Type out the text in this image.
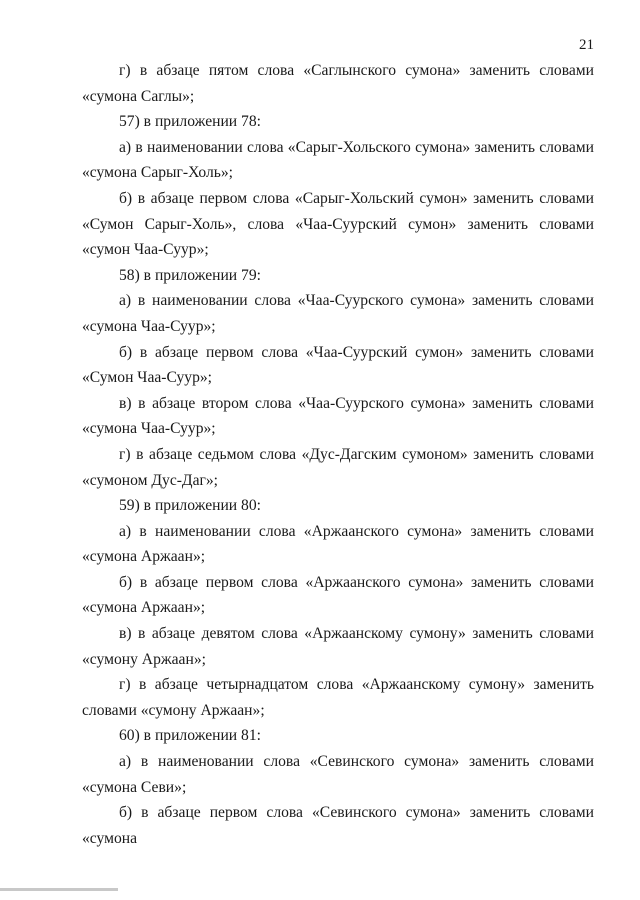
21

г) в абзаце пятом слова «Саглынского сумона» заменить словами «сумона Саглы»;

57) в приложении 78:

а) в наименовании слова «Сарыг-Хольского сумона» заменить словами «сумона Сарыг-Холь»;

б) в абзаце первом слова «Сарыг-Хольский сумон» заменить словами «Сумон Сарыг-Холь», слова «Чаа-Суурский сумон» заменить словами «сумон Чаа-Суур»;

58) в приложении 79:

а) в наименовании слова «Чаа-Суурского сумона» заменить словами «сумона Чаа-Суур»;

б) в абзаце первом слова «Чаа-Суурский сумон» заменить словами «Сумон Чаа-Суур»;

в) в абзаце втором слова «Чаа-Суурского сумона» заменить словами «сумона Чаа-Суур»;

г) в абзаце седьмом слова «Дус-Дагским сумоном» заменить словами «сумоном Дус-Даг»;

59) в приложении 80:

а) в наименовании слова «Аржаанского сумона» заменить словами «сумона Аржаан»;

б) в абзаце первом слова «Аржаанского сумона» заменить словами «сумона Аржаан»;

в) в абзаце девятом слова «Аржаанскому сумону» заменить словами «сумону Аржаан»;

г) в абзаце четырнадцатом слова «Аржаанскому сумону» заменить словами «сумону Аржаан»;

60) в приложении 81:

а) в наименовании слова «Севинского сумона» заменить словами «сумона Севи»;

б) в абзаце первом слова «Севинского сумона» заменить словами «сумона
